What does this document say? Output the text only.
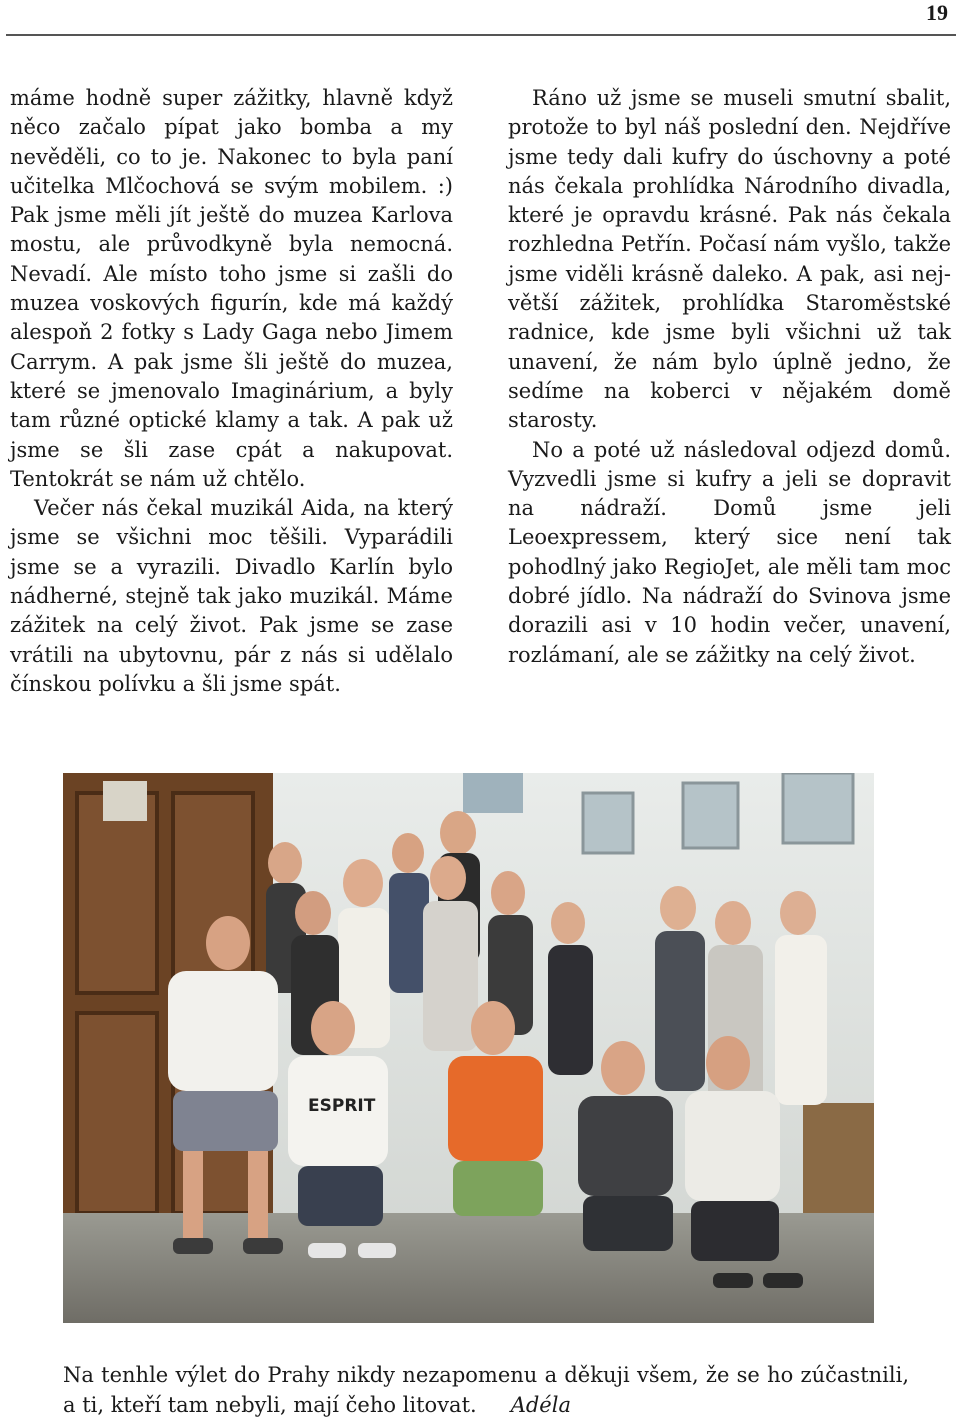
19

máme hodně super zážitky, hlavně když něco začalo pípat jako bomba a my nevěděli, co to je. Nakonec to byla paní učitelka Mlčochová se svým mobilem. :) Pak jsme měli jít ještě do muzea Karlova mostu, ale průvodkyně byla nemocná. Nevadí. Ale místo toho jsme si zašli do muzea voskových figurín, kde má každý alespoň 2 fotky s Lady Gaga nebo Jimem Carrym. A pak jsme šli ještě do muzea, které se jmenovalo Imaginárium, a byly tam různé optické klamy a tak. A pak už jsme se šli zase cpát a nakupovat. Tentokrát se nám už chtělo.

Večer nás čekal muzikál Aida, na který jsme se všichni moc těšili. Vyparádili jsme se a vyrazili. Divadlo Karlín bylo nádherné, stejně tak jako muzikál. Máme zážitek na celý život. Pak jsme se zase vrátili na ubytovnu, pár z nás si udělalo čínskou polívku a šli jsme spát.

Ráno už jsme se museli smutní sbalit, protože to byl náš poslední den. Nejdříve jsme tedy dali kufry do úschovny a poté nás čekala prohlídka Národního divadla, které je opravdu krásné. Pak nás čekala rozhledna Petřín. Počasí nám vyšlo, takže jsme viděli krásně daleko. A pak, asi největší zážitek, prohlídka Staroměstské radnice, kde jsme byli všichni už tak unavení, že nám bylo úplně jedno, že sedíme na koberci v nějakém domě starosty.

No a poté už následoval odjezd domů. Vyzvedli jsme si kufry a jeli se dopravit na nádraží. Domů jsme jeli Leoexpressem, který sice není tak pohodlný jako RegioJet, ale měli tam moc dobré jídlo. Na nádraží do Svinova jsme dorazili asi v 10 hodin večer, unavení, rozlámaní, ale se zážitky na celý život.

ESPRIT
Na tenhle výlet do Prahy nikdy nezapomenu a děkuji všem, že se ho zúčastnili, a ti, kteří tam nebyli, mají čeho litovat. Adéla
